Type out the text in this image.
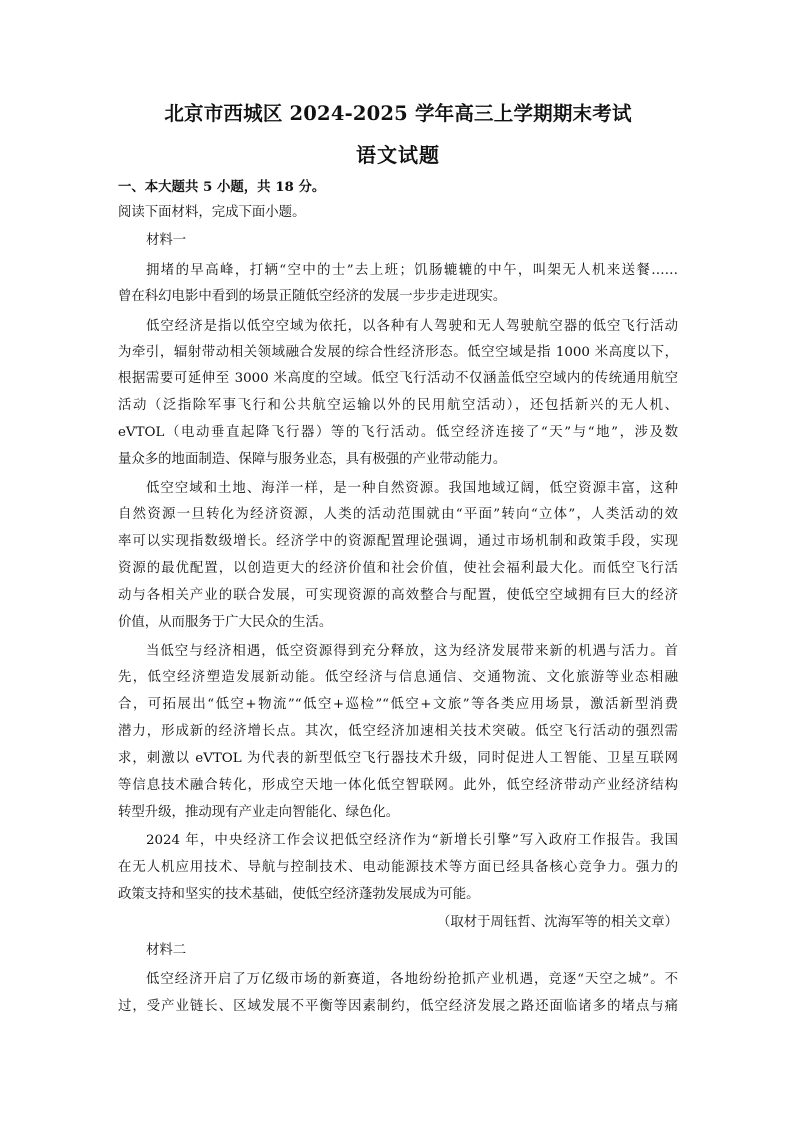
北京市西城区 2024-2025 学年高三上学期期末考试
语文试题
一、本大题共 5 小题，共 18 分。
阅读下面材料，完成下面小题。
材料一
拥堵的早高峰，打辆“空中的士”去上班；饥肠辘辘的中午，叫架无人机来送餐……
曾在科幻电影中看到的场景正随低空经济的发展一步步走进现实。
低空经济是指以低空空域为依托，以各种有人驾驶和无人驾驶航空器的低空飞行活动
为牵引，辐射带动相关领域融合发展的综合性经济形态。低空空域是指 1000 米高度以下，
根据需要可延伸至 3000 米高度的空域。低空飞行活动不仅涵盖低空空域内的传统通用航空
活动（泛指除军事飞行和公共航空运输以外的民用航空活动），还包括新兴的无人机、
eVTOL（电动垂直起降飞行器）等的飞行活动。低空经济连接了“天”与“地”，涉及数
量众多的地面制造、保障与服务业态，具有极强的产业带动能力。
低空空域和土地、海洋一样，是一种自然资源。我国地域辽阔，低空资源丰富，这种
自然资源一旦转化为经济资源，人类的活动范围就由“平面”转向“立体”，人类活动的效
率可以实现指数级增长。经济学中的资源配置理论强调，通过市场机制和政策手段，实现
资源的最优配置，以创造更大的经济价值和社会价值，使社会福利最大化。而低空飞行活
动与各相关产业的联合发展，可实现资源的高效整合与配置，使低空空域拥有巨大的经济
价值，从而服务于广大民众的生活。
当低空与经济相遇，低空资源得到充分释放，这为经济发展带来新的机遇与活力。首
先，低空经济塑造发展新动能。低空经济与信息通信、交通物流、文化旅游等业态相融
合，可拓展出“低空+物流”“低空+巡检”“低空+文旅”等各类应用场景，激活新型消费
潜力，形成新的经济增长点。其次，低空经济加速相关技术突破。低空飞行活动的强烈需
求，刺激以 eVTOL 为代表的新型低空飞行器技术升级，同时促进人工智能、卫星互联网
等信息技术融合转化，形成空天地一体化低空智联网。此外，低空经济带动产业经济结构
转型升级，推动现有产业走向智能化、绿色化。
2024 年，中央经济工作会议把低空经济作为“新增长引擎”写入政府工作报告。我国
在无人机应用技术、导航与控制技术、电动能源技术等方面已经具备核心竞争力。强力的
政策支持和坚实的技术基础，使低空经济蓬勃发展成为可能。
（取材于周钰哲、沈海军等的相关文章）
材料二
低空经济开启了万亿级市场的新赛道，各地纷纷抢抓产业机遇，竞逐“天空之城”。不
过，受产业链长、区域发展不平衡等因素制约，低空经济发展之路还面临诸多的堵点与痛
